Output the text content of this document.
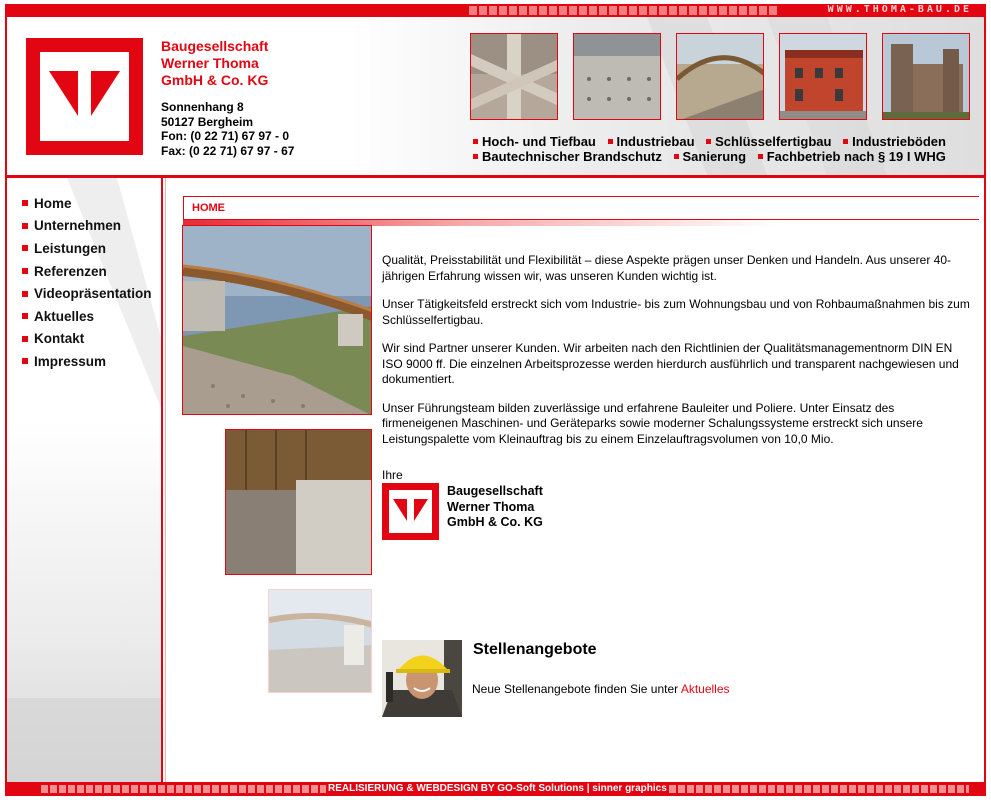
WWW.THOMA-BAU.DE
Baugesellschaft
Werner Thoma
GmbH & Co. KG
Sonnenhang 8
50127 Bergheim
Fon: (0 22 71) 67 97 - 0
Fax: (0 22 71) 67 97 - 67
Hoch- und Tiefbau Industriebau Schlüsselfertigbau Industrieböden
Bautechnischer Brandschutz Sanierung Fachbetrieb nach § 19 I WHG
Home
Unternehmen
Leistungen
Referenzen
Videopräsentation
Aktuelles
Kontakt
Impressum
HOME

Qualität, Preisstabilität und Flexibilität – diese Aspekte prägen unser Denken und Handeln. Aus unserer 40-jährigen Erfahrung wissen wir, was unseren Kunden wichtig ist.

Unser Tätigkeitsfeld erstreckt sich vom Industrie- bis zum Wohnungsbau und von Rohbaumaßnahmen bis zum Schlüsselfertigbau.

Wir sind Partner unserer Kunden. Wir arbeiten nach den Richtlinien der Qualitätsmanagementnorm DIN EN ISO 9000 ff. Die einzelnen Arbeitsprozesse werden hierdurch ausführlich und transparent nachgewiesen und dokumentiert.

Unser Führungsteam bilden zuverlässige und erfahrene Bauleiter und Poliere. Unter Einsatz des firmeneigenen Maschinen- und Geräteparks sowie moderner Schalungssysteme erstreckt sich unsere Leistungspalette vom Kleinauftrag bis zu einem Einzelauftragsvolumen von 10,0 Mio.

Ihre
Baugesellschaft
Werner Thoma
GmbH & Co. KG
Stellenangebote
Neue Stellenangebote finden Sie unter Aktuelles
REALISIERUNG & WEBDESIGN BY GO-Soft Solutions | sinner graphics
